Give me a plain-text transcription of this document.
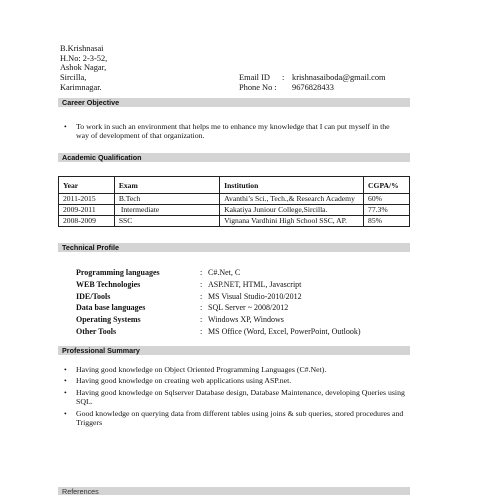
B.Krishnasai
H.No: 2-3-52,
Ashok Nagar,
Sircilla,
Karimnagar.
Email ID	: krishnasaiboda@gmail.com
Phone No :	9676828433
Career Objective
• To work in such an environment that helps me to enhance my knowledge that I can put myself in the
way of development of that organization.
Academic Qualification
Year	Exam	Institution	CGPA/%
2011-2015	B.Tech	Avanthi’s Sci., Tech.,& Research Academy	60%
2009-2011	Intermediate	Kakatiya Juniour College,Sircilla.	77.3%
2008-2009	SSC	Vignana Vardhini High School SSC, AP.	85%
Technical Profile
Programming languages	: C#.Net, C
WEB Technologies	: ASP.NET, HTML, Javascript
IDE/Tools	: MS Visual Studio-2010/2012
Data base languages	: SQL Server ~ 2008/2012
Operating Systems	: Windows XP, Windows
Other Tools	: MS Office (Word, Excel, PowerPoint, Outlook)
Professional Summary
• Having good knowledge on Object Oriented Programming Languages (C#.Net).
• Having good knowledge on creating web applications using ASP.net.
• Having good knowledge on Sqlserver Database design, Database Maintenance, developing Queries using SQL.
• Good knowledge on querying data from different tables using joins & sub queries, stored procedures and Triggers
References
